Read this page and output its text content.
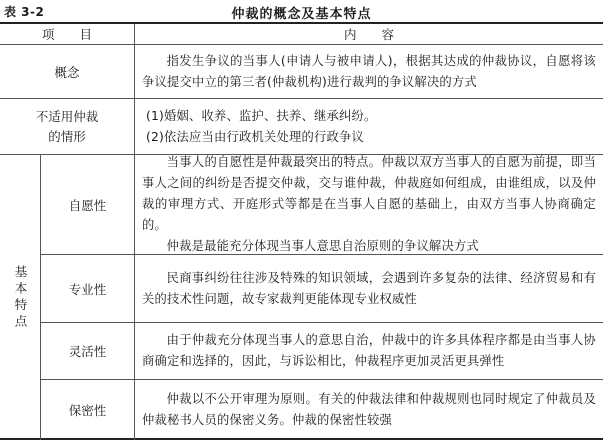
表 3-2	仲裁的概念及基本特点
项　　目	内　　容
概念

指发生争议的当事人(申请人与被申请人)，根据其达成的仲裁协议，自愿将该争议提交中立的第三者(仲裁机构)进行裁判的争议解决的方式

不适用仲裁
的情形
(1)婚姻、收养、监护、扶养、继承纠纷。
(2)依法应当由行政机关处理的行政争议
基本特点
自愿性

当事人的自愿性是仲裁最突出的特点。仲裁以双方当事人的自愿为前提，即当事人之间的纠纷是否提交仲裁，交与谁仲裁，仲裁庭如何组成，由谁组成，以及仲裁的审理方式、开庭形式等都是在当事人自愿的基础上，由双方当事人协商确定的。

仲裁是最能充分体现当事人意思自治原则的争议解决方式

专业性

民商事纠纷往往涉及特殊的知识领域，会遇到许多复杂的法律、经济贸易和有关的技术性问题，故专家裁判更能体现专业权威性

灵活性

由于仲裁充分体现当事人的意思自治，仲裁中的许多具体程序都是由当事人协商确定和选择的，因此，与诉讼相比，仲裁程序更加灵活更具弹性

保密性

仲裁以不公开审理为原则。有关的仲裁法律和仲裁规则也同时规定了仲裁员及仲裁秘书人员的保密义务。仲裁的保密性较强
